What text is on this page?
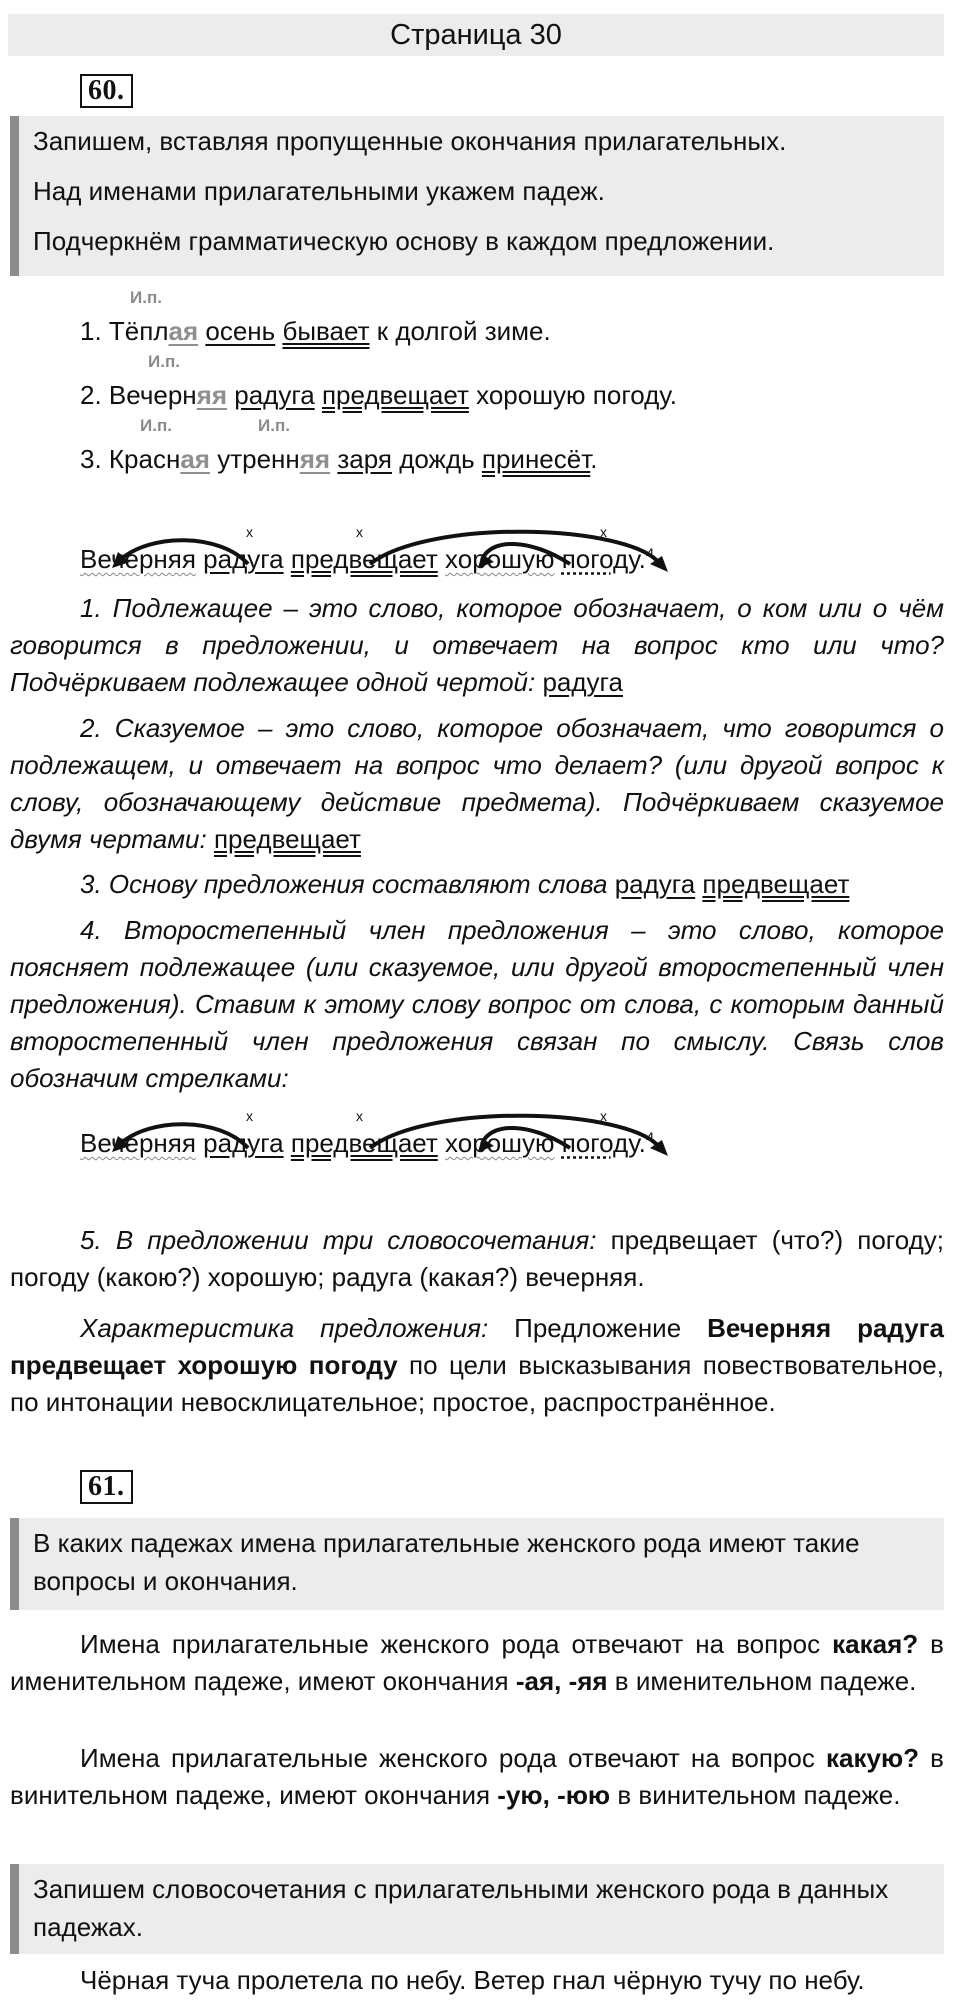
Страница 30
60.

Запишем, вставляя пропущенные окончания прилагательных.

Над именами прилагательными укажем падеж.

Подчеркнём грамматическую основу в каждом предложении.

И.п.
1. Тёплая осень бывает к долгой зиме.
И.п.
2. Вечерняя радуга предвещает хорошую погоду.
И.п.	И.п.
3. Красная утренняя заря дождь принесёт.
x	x	x
Вечерняя радуга предвещает хорошую погоду.$^4$
1. Подлежащее – это слово, которое обозначает, о ком или о чём говорится в предложении, и отвечает на вопрос кто или что? Подчёркиваем подлежащее одной чертой: радуга
2. Сказуемое – это слово, которое обозначает, что говорится о подлежащем, и отвечает на вопрос что делает? (или другой вопрос к слову, обозначающему действие предмета). Подчёркиваем сказуемое двумя чертами: предвещает
3. Основу предложения составляют слова радуга предвещает
4. Второстепенный член предложения – это слово, которое поясняет подлежащее (или сказуемое, или другой второстепенный член предложения). Ставим к этому слову вопрос от слова, с которым данный второстепенный член предложения связан по смыслу. Связь слов обозначим стрелками:
x	x	x
Вечерняя радуга предвещает хорошую погоду.$^4$
5. В предложении три словосочетания: предвещает (что?) погоду; погоду (какою?) хорошую; радуга (какая?) вечерняя.
Характеристика предложения: Предложение Вечерняя радуга предвещает хорошую погоду по цели высказывания повествовательное, по интонации невосклицательное; простое, распространённое.
61.

В каких падежах имена прилагательные женского рода имеют такие вопросы и окончания.

Имена прилагательные женского рода отвечают на вопрос какая? в именительном падеже, имеют окончания -ая, -яя в именительном падеже.
Имена прилагательные женского рода отвечают на вопрос какую? в винительном падеже, имеют окончания -ую, -юю в винительном падеже.

Запишем словосочетания с прилагательными женского рода в данных падежах.

Чёрная туча пролетела по небу. Ветер гнал чёрную тучу по небу.
